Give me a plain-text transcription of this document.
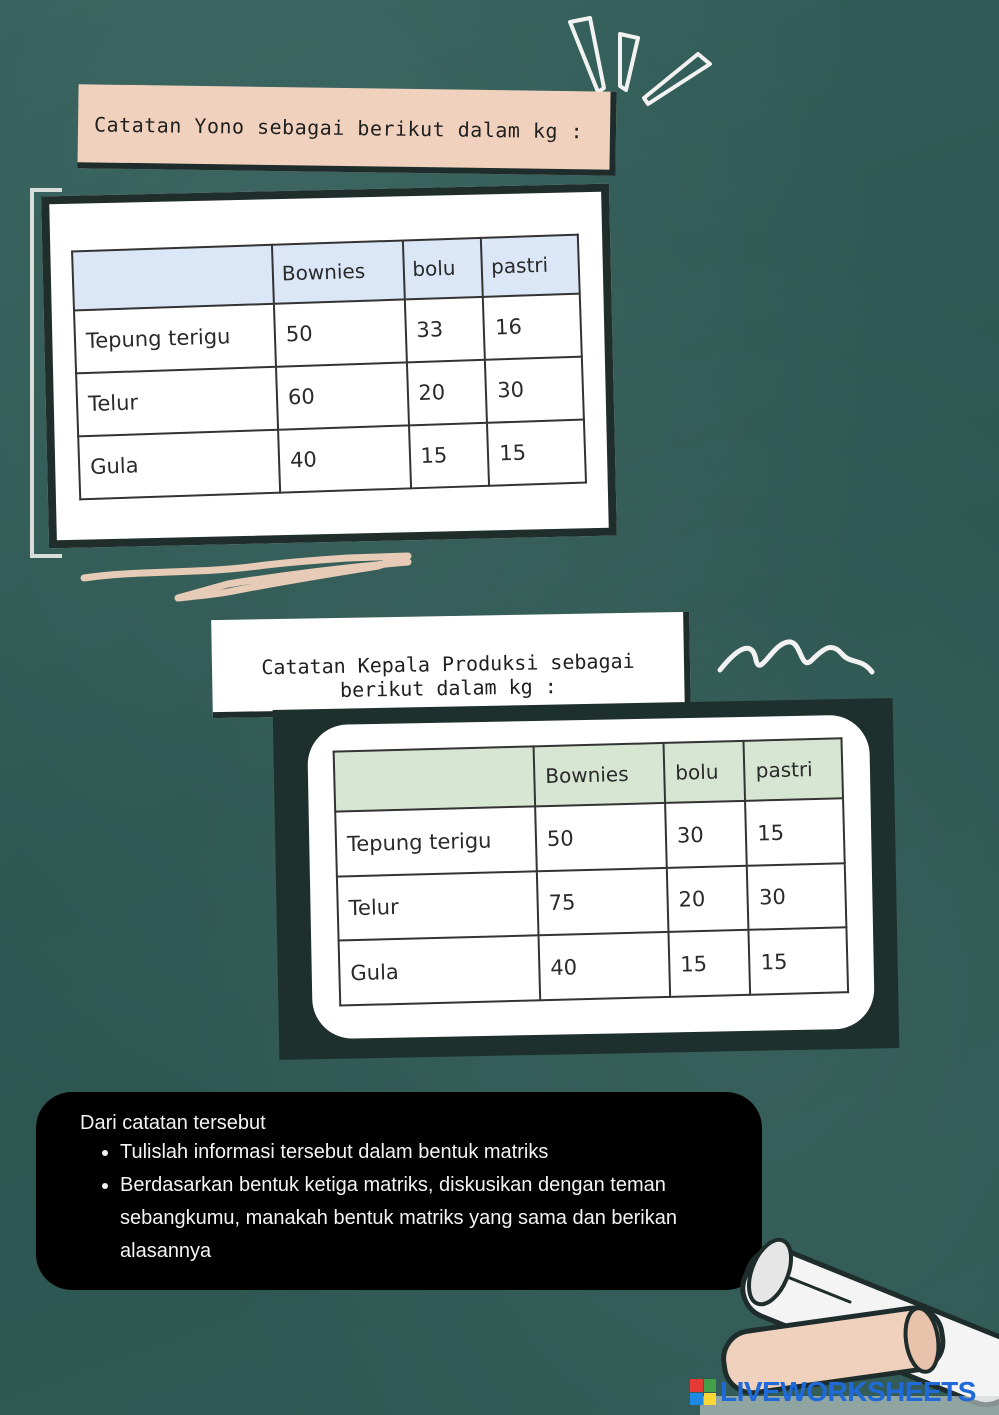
Catatan Yono sebagai berikut dalam kg :
	Bownies	bolu	pastri
Tepung terigu	50	33	16
Telur	60	20	30
Gula	40	15	15
Catatan Kepala Produksi sebagai
berikut dalam kg :
	Bownies	bolu	pastri
Tepung terigu	50	30	15
Telur	75	20	30
Gula	40	15	15
Dari catatan tersebut
• Tulislah informasi tersebut dalam bentuk matriks
• Berdasarkan bentuk ketiga matriks, diskusikan dengan teman sebangkumu, manakah bentuk matriks yang sama dan berikan alasannya
LIVEWORKSHEETS
